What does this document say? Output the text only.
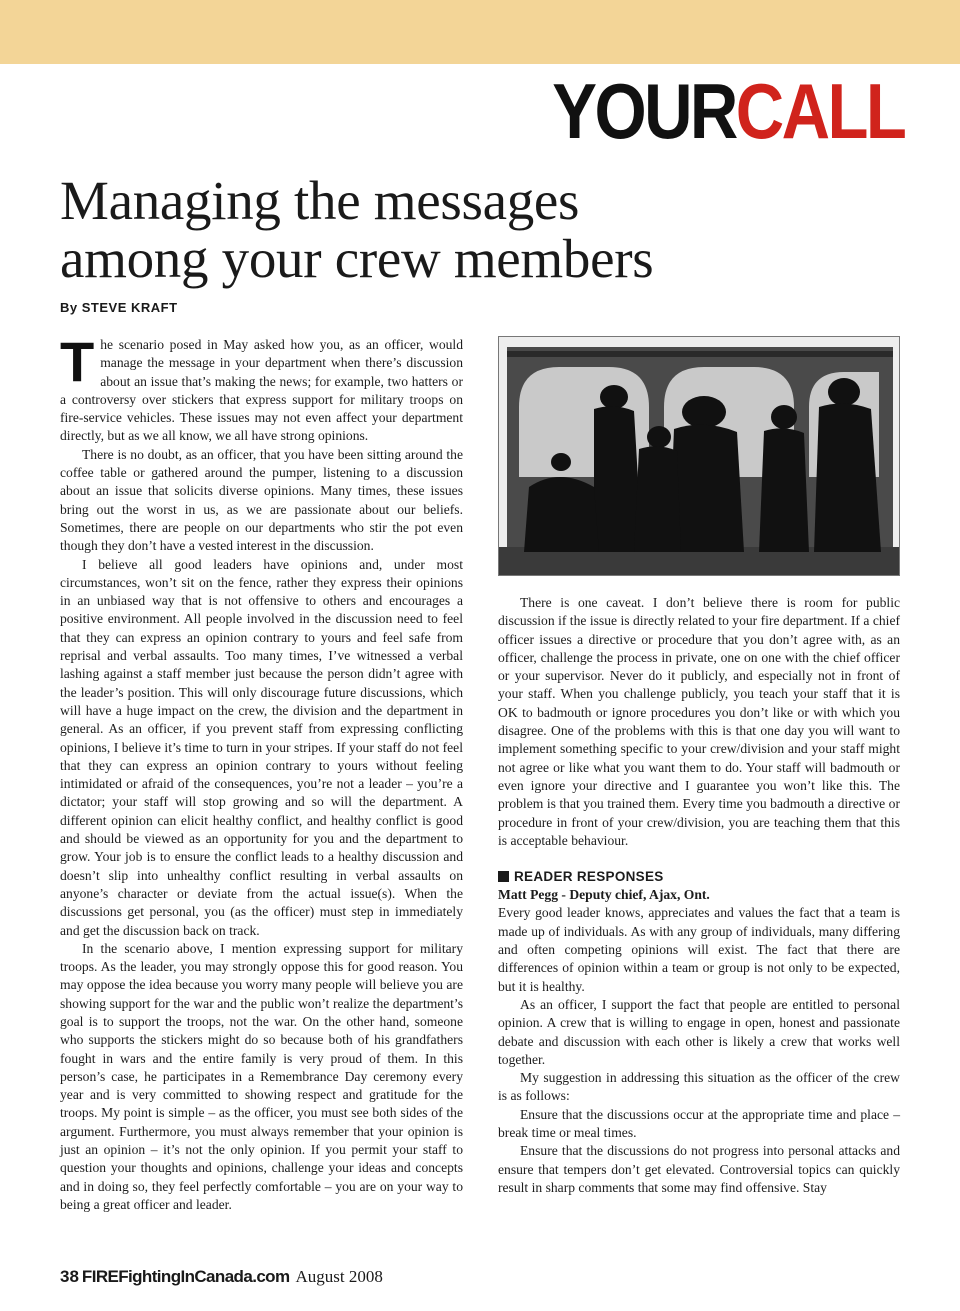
YOURCALL
Managing the messages
among your crew members
By STEVE KRAFT

The scenario posed in May asked how you, as an officer, would manage the message in your department when there’s discussion about an issue that’s making the news; for example, two hatters or a controversy over stickers that express support for military troops on fire-service vehicles. These issues may not even affect your department directly, but as we all know, we all have strong opinions.

There is no doubt, as an officer, that you have been sitting around the coffee table or gathered around the pumper, listening to a discussion about an issue that solicits diverse opinions. Many times, these issues bring out the worst in us, as we are passionate about our beliefs. Sometimes, there are people on our departments who stir the pot even though they don’t have a vested interest in the discussion.

I believe all good leaders have opinions and, under most circumstances, won’t sit on the fence, rather they express their opinions in an unbiased way that is not offensive to others and encourages a positive environment. All people involved in the discussion need to feel that they can express an opinion contrary to yours and feel safe from reprisal and verbal assaults. Too many times, I’ve witnessed a verbal lashing against a staff member just because the person didn’t agree with the leader’s position. This will only discourage future discussions, which will have a huge impact on the crew, the division and the department in general. As an officer, if you prevent staff from expressing conflicting opinions, I believe it’s time to turn in your stripes. If your staff do not feel that they can express an opinion contrary to yours without feeling intimidated or afraid of the consequences, you’re not a leader – you’re a dictator; your staff will stop growing and so will the department. A different opinion can elicit healthy conflict, and healthy conflict is good and should be viewed as an opportunity for you and the department to grow. Your job is to ensure the conflict leads to a healthy discussion and doesn’t slip into unhealthy conflict resulting in verbal assaults on anyone’s character or deviate from the actual issue(s). When the discussions get personal, you (as the officer) must step in immediately and get the discussion back on track.

In the scenario above, I mention expressing support for military troops. As the leader, you may strongly oppose this for good reason. You may oppose the idea because you worry many people will believe you are showing support for the war and the public won’t realize the department’s goal is to support the troops, not the war. On the other hand, someone who supports the stickers might do so because both of his grandfathers fought in wars and the entire family is very proud of them. In this person’s case, he participates in a Remembrance Day ceremony every year and is very committed to showing respect and gratitude for the troops. My point is simple – as the officer, you must see both sides of the argument. Furthermore, you must always remember that your opinion is just an opinion – it’s not the only opinion. If you permit your staff to question your thoughts and opinions, challenge your ideas and concepts and in doing so, they feel perfectly comfortable – you are on your way to being a great officer and leader.

There is one caveat. I don’t believe there is room for public discussion if the issue is directly related to your fire department. If a chief officer issues a directive or procedure that you don’t agree with, as an officer, challenge the process in private, one on one with the chief officer or your supervisor. Never do it publicly, and especially not in front of your staff. When you challenge publicly, you teach your staff that it is OK to badmouth or ignore procedures you don’t like or with which you disagree. One of the problems with this is that one day you will want to implement something specific to your crew/division and your staff might not agree or like what you want them to do. Your staff will badmouth or even ignore your directive and I guarantee you won’t like this. The problem is that you trained them. Every time you badmouth a directive or procedure in front of your crew/division, you are teaching them that this is acceptable behaviour.

READER RESPONSES

Matt Pegg - Deputy chief, Ajax, Ont.

Every good leader knows, appreciates and values the fact that a team is made up of individuals. As with any group of individuals, many differing and often competing opinions will exist. The fact that there are differences of opinion within a team or group is not only to be expected, but it is healthy.

As an officer, I support the fact that people are entitled to personal opinion. A crew that is willing to engage in open, honest and passionate debate and discussion with each other is likely a crew that works well together.

My suggestion in addressing this situation as the officer of the crew is as follows:

Ensure that the discussions occur at the appropriate time and place – break time or meal times.

Ensure that the discussions do not progress into personal attacks and ensure that tempers don’t get elevated. Controversial topics can quickly result in sharp comments that some may find offensive. Stay

38 FIREFightingInCanada.com August 2008
